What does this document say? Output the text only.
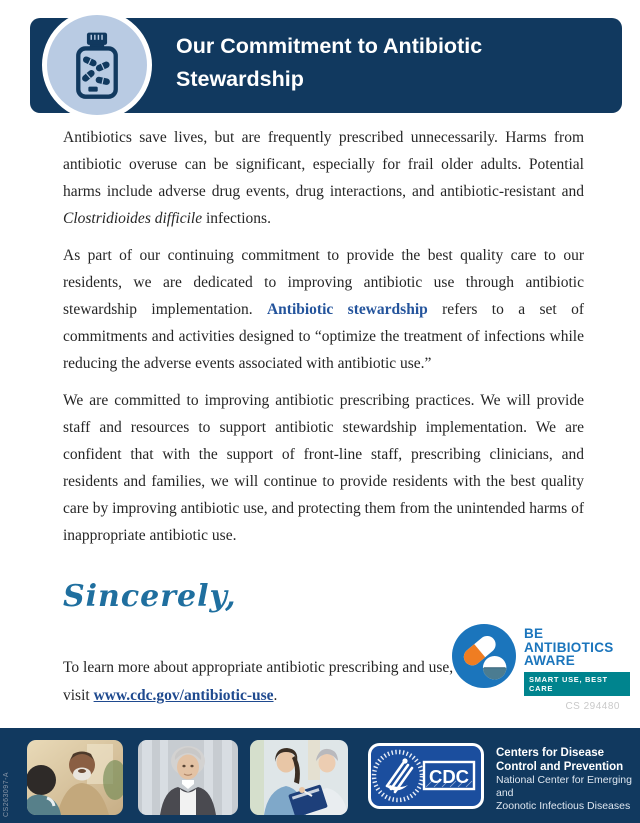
Our Commitment to Antibiotic
Stewardship

Antibiotics save lives, but are frequently prescribed unnecessarily. Harms from antibiotic overuse can be significant, especially for frail older adults. Potential harms include adverse drug events, drug interactions, and antibiotic-resistant and Clostridioides difficile infections.

As part of our continuing commitment to provide the best quality care to our residents, we are dedicated to improving antibiotic use through antibiotic stewardship implementation. Antibiotic stewardship refers to a set of commitments and activities designed to “optimize the treatment of infections while reducing the adverse events associated with antibiotic use.”

We are committed to improving antibiotic prescribing practices. We will provide staff and resources to support antibiotic stewardship implementation. We are confident that with the support of front-line staff, prescribing clinicians, and residents and families, we will continue to provide residents with the best quality care by improving antibiotic use, and protecting them from the unintended harms of inappropriate antibiotic use.

Sincerely,

To learn more about appropriate antibiotic prescribing and use, visit www.cdc.gov/antibiotic-use.

BE
ANTIBIOTICS
AWARE
SMART USE, BEST CARE
CS 294480
CDC
Centers for Disease
Control and Prevention
National Center for Emerging and
Zoonotic Infectious Diseases
CS263097-A
